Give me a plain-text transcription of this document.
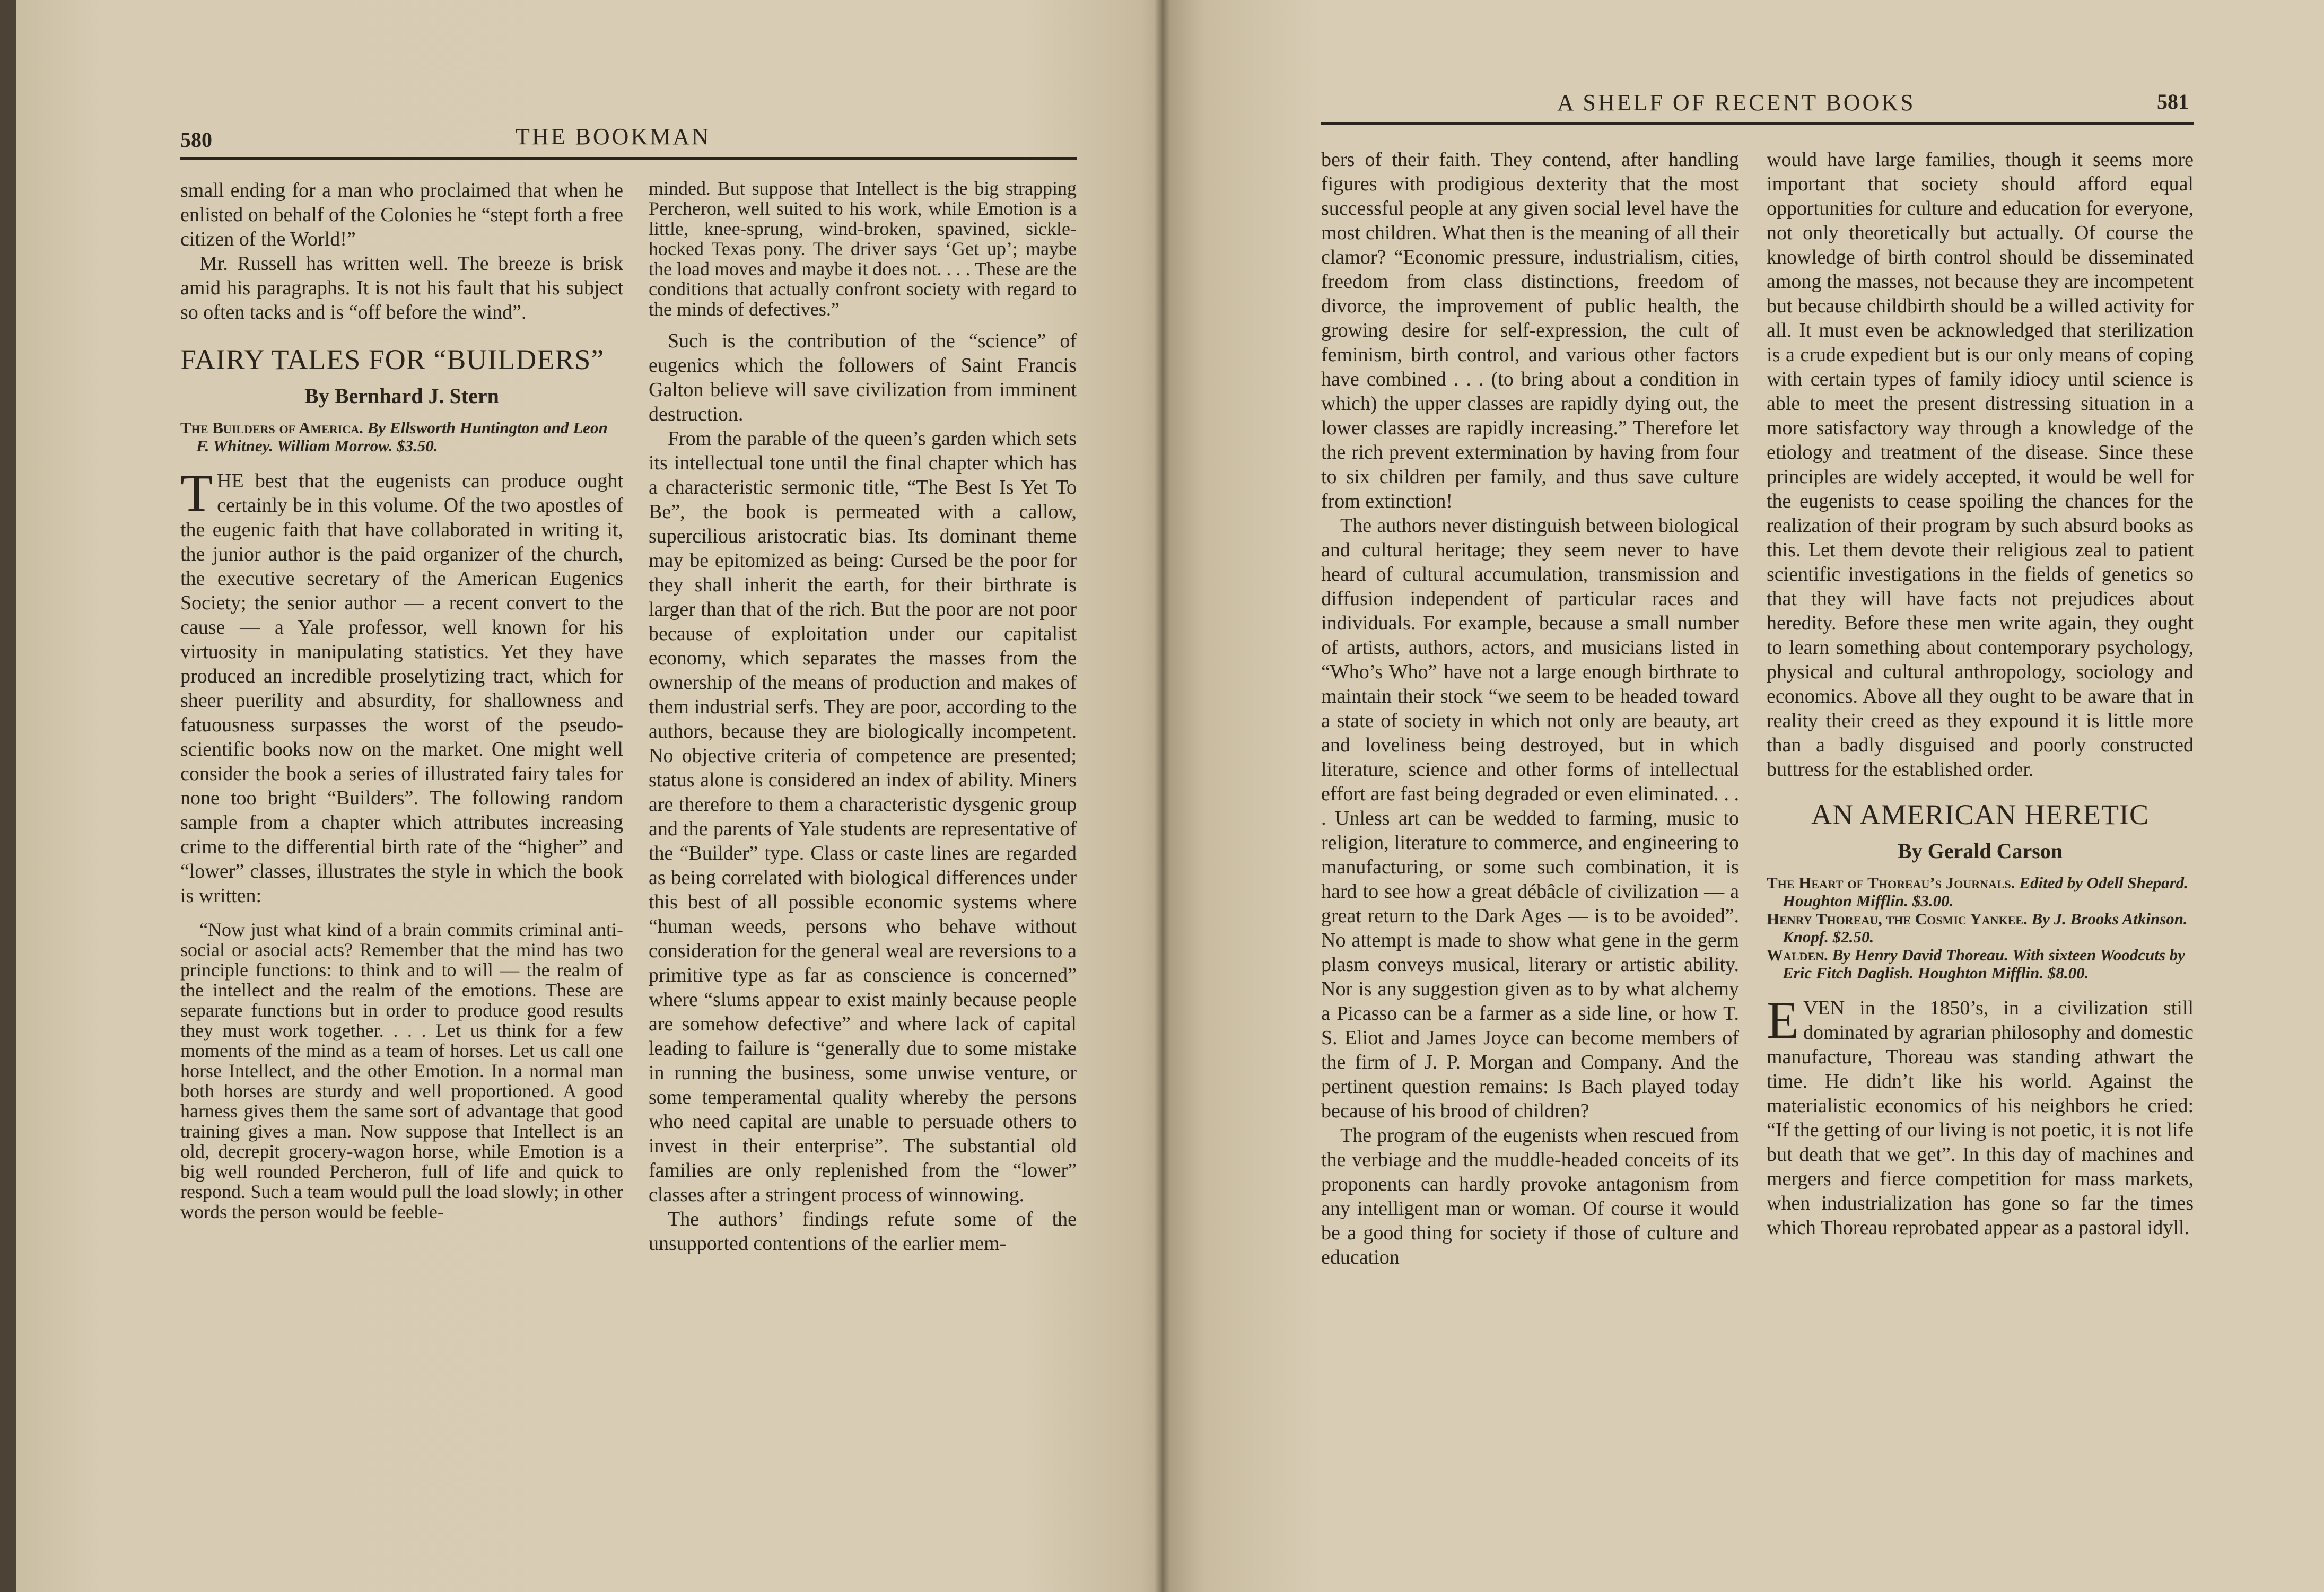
580	THE BOOKMAN

small ending for a man who proclaimed that when he enlisted on behalf of the Colonies he “stept forth a free citizen of the World!”

Mr. Russell has written well. The breeze is brisk amid his paragraphs. It is not his fault that his subject so often tacks and is “off before the wind”.

FAIRY TALES FOR “BUILDERS”
By Bernhard J. Stern

The Builders of America. By Ellsworth Huntington and Leon F. Whitney. William Morrow. $3.50.

THE best that the eugenists can produce ought certainly be in this volume. Of the two apostles of the eugenic faith that have collaborated in writing it, the junior author is the paid organizer of the church, the executive secretary of the American Eugenics Society; the senior author — a recent convert to the cause — a Yale professor, well known for his virtuosity in manipulating statistics. Yet they have produced an incredible proselytizing tract, which for sheer puerility and absurdity, for shallowness and fatuousness surpasses the worst of the pseudo-scientific books now on the market. One might well consider the book a series of illustrated fairy tales for none too bright “Builders”. The following random sample from a chapter which attributes increasing crime to the differential birth rate of the “higher” and “lower” classes, illustrates the style in which the book is written:

“Now just what kind of a brain commits criminal anti-social or asocial acts? Remember that the mind has two principle functions: to think and to will — the realm of the intellect and the realm of the emotions. These are separate functions but in order to produce good results they must work together. . . . Let us think for a few moments of the mind as a team of horses. Let us call one horse Intellect, and the other Emotion. In a normal man both horses are sturdy and well proportioned. A good harness gives them the same sort of advantage that good training gives a man. Now suppose that Intellect is an old, decrepit grocery-wagon horse, while Emotion is a big well rounded Percheron, full of life and quick to respond. Such a team would pull the load slowly; in other words the person would be feeble-

minded. But suppose that Intellect is the big strapping Percheron, well suited to his work, while Emotion is a little, knee-sprung, wind-broken, spavined, sickle-hocked Texas pony. The driver says ‘Get up’; maybe the load moves and maybe it does not. . . . These are the conditions that actually confront society with regard to the minds of defectives.”

Such is the contribution of the “science” of eugenics which the followers of Saint Francis Galton believe will save civilization from imminent destruction.

From the parable of the queen’s garden which sets its intellectual tone until the final chapter which has a characteristic sermonic title, “The Best Is Yet To Be”, the book is permeated with a callow, supercilious aristocratic bias. Its dominant theme may be epitomized as being: Cursed be the poor for they shall inherit the earth, for their birthrate is larger than that of the rich. But the poor are not poor because of exploitation under our capitalist economy, which separates the masses from the ownership of the means of production and makes of them industrial serfs. They are poor, according to the authors, because they are biologically incompetent. No objective criteria of competence are presented; status alone is considered an index of ability. Miners are therefore to them a characteristic dysgenic group and the parents of Yale students are representative of the “Builder” type. Class or caste lines are regarded as being correlated with biological differences under this best of all possible economic systems where “human weeds, persons who behave without consideration for the general weal are reversions to a primitive type as far as conscience is concerned” where “slums appear to exist mainly because people are somehow defective” and where lack of capital leading to failure is “generally due to some mistake in running the business, some unwise venture, or some temperamental quality whereby the persons who need capital are unable to persuade others to invest in their enterprise”. The substantial old families are only replenished from the “lower” classes after a stringent process of winnowing.

The authors’ findings refute some of the unsupported contentions of the earlier mem-

A SHELF OF RECENT BOOKS	581

bers of their faith. They contend, after handling figures with prodigious dexterity that the most successful people at any given social level have the most children. What then is the meaning of all their clamor? “Economic pressure, industrialism, cities, freedom from class distinctions, freedom of divorce, the improvement of public health, the growing desire for self-expression, the cult of feminism, birth control, and various other factors have combined . . . (to bring about a condition in which) the upper classes are rapidly dying out, the lower classes are rapidly increasing.” Therefore let the rich prevent extermination by having from four to six children per family, and thus save culture from extinction!

The authors never distinguish between biological and cultural heritage; they seem never to have heard of cultural accumulation, transmission and diffusion independent of particular races and individuals. For example, because a small number of artists, authors, actors, and musicians listed in “Who’s Who” have not a large enough birthrate to maintain their stock “we seem to be headed toward a state of society in which not only are beauty, art and loveliness being destroyed, but in which literature, science and other forms of intellectual effort are fast being degraded or even eliminated. . . . Unless art can be wedded to farming, music to religion, literature to commerce, and engineering to manufacturing, or some such combination, it is hard to see how a great débâcle of civilization — a great return to the Dark Ages — is to be avoided”. No attempt is made to show what gene in the germ plasm conveys musical, literary or artistic ability. Nor is any suggestion given as to by what alchemy a Picasso can be a farmer as a side line, or how T. S. Eliot and James Joyce can become members of the firm of J. P. Morgan and Company. And the pertinent question remains: Is Bach played today because of his brood of children?

The program of the eugenists when rescued from the verbiage and the muddle-headed conceits of its proponents can hardly provoke antagonism from any intelligent man or woman. Of course it would be a good thing for society if those of culture and education

would have large families, though it seems more important that society should afford equal opportunities for culture and education for everyone, not only theoretically but actually. Of course the knowledge of birth control should be disseminated among the masses, not because they are incompetent but because childbirth should be a willed activity for all. It must even be acknowledged that sterilization is a crude expedient but is our only means of coping with certain types of family idiocy until science is able to meet the present distressing situation in a more satisfactory way through a knowledge of the etiology and treatment of the disease. Since these principles are widely accepted, it would be well for the eugenists to cease spoiling the chances for the realization of their program by such absurd books as this. Let them devote their religious zeal to patient scientific investigations in the fields of genetics so that they will have facts not prejudices about heredity. Before these men write again, they ought to learn something about contemporary psychology, physical and cultural anthropology, sociology and economics. Above all they ought to be aware that in reality their creed as they expound it is little more than a badly disguised and poorly constructed buttress for the established order.

AN AMERICAN HERETIC
By Gerald Carson

The Heart of Thoreau’s Journals. Edited by Odell Shepard. Houghton Mifflin. $3.00.

Henry Thoreau, the Cosmic Yankee. By J. Brooks Atkinson. Knopf. $2.50.

Walden. By Henry David Thoreau. With sixteen Woodcuts by Eric Fitch Daglish. Houghton Mifflin. $8.00.

EVEN in the 1850’s, in a civilization still dominated by agrarian philosophy and domestic manufacture, Thoreau was standing athwart the time. He didn’t like his world. Against the materialistic economics of his neighbors he cried: “If the getting of our living is not poetic, it is not life but death that we get”. In this day of machines and mergers and fierce competition for mass markets, when industrialization has gone so far the times which Thoreau reprobated appear as a pastoral idyll.
